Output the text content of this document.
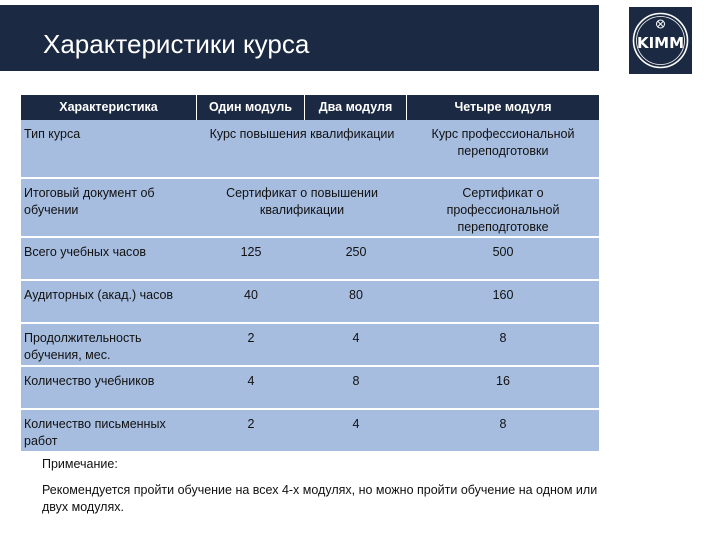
Характеристики курса	KIMM
Характеристика	Один модуль	Два модуля	Четыре модуля
Тип курса	Курс повышения квалификации		Курс профессиональной переподготовки
Итоговый документ об обучении	Сертификат о повышении квалификации		Сертификат о профессиональной переподготовке
Всего учебных часов	125	250	500
Аудиторных (акад.) часов	40	80	160
Продолжительность обучения, мес.	2	4	8
Количество учебников	4	8	16
Количество письменных работ	2	4	8
Примечание:
Рекомендуется пройти обучение на всех 4-х модулях, но можно пройти обучение на одном или двух модулях.
